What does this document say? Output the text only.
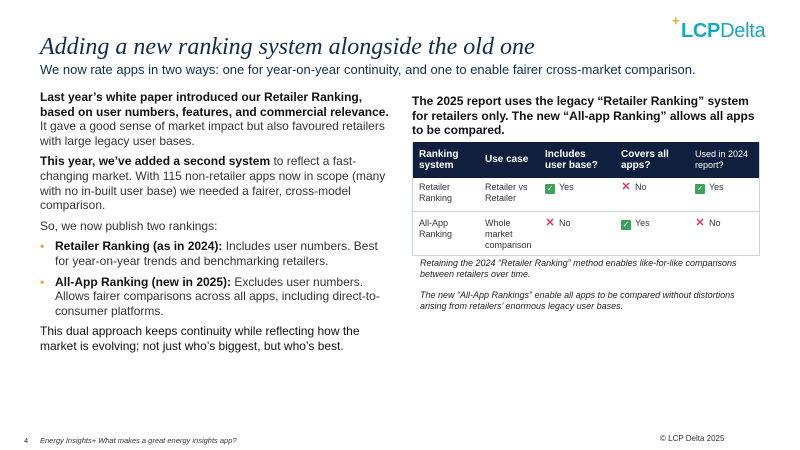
+ LCPDelta
Adding a new ranking system alongside the old one
We now rate apps in two ways: one for year-on-year continuity, and one to enable fairer cross-market comparison.

Last year’s white paper introduced our Retailer Ranking, based on user numbers, features, and commercial relevance. It gave a good sense of market impact but also favoured retailers with large legacy user bases.

This year, we’ve added a second system to reflect a fast-changing market. With 115 non-retailer apps now in scope (many with no in-built user base) we needed a fairer, cross-model comparison.

So, we now publish two rankings:

• Retailer Ranking (as in 2024): Includes user numbers. Best for year-on-year trends and benchmarking retailers.
• All-App Ranking (new in 2025): Excludes user numbers. Allows fairer comparisons across all apps, including direct-to-consumer platforms.

This dual approach keeps continuity while reflecting how the market is evolving; not just who’s biggest, but who’s best.

The 2025 report uses the legacy “Retailer Ranking” system for retailers only. The new “All-app Ranking” allows all apps to be compared.
Ranking system	Use case	Includes user base?	Covers all apps?	Used in 2024 report?
Retailer Ranking	Retailer vs Retailer	✓ Yes	✕ No	✓ Yes
All-App Ranking	Whole market comparison	✕ No	✓ Yes	✕ No
Retaining the 2024 “Retailer Ranking” method enables like-for-like comparisons between retailers over time.
The new “All-App Rankings” enable all apps to be compared without distortions arising from retailers’ enormous legacy user bases.
4 Energy Insights+ What makes a great energy insights app?	© LCP Delta 2025
